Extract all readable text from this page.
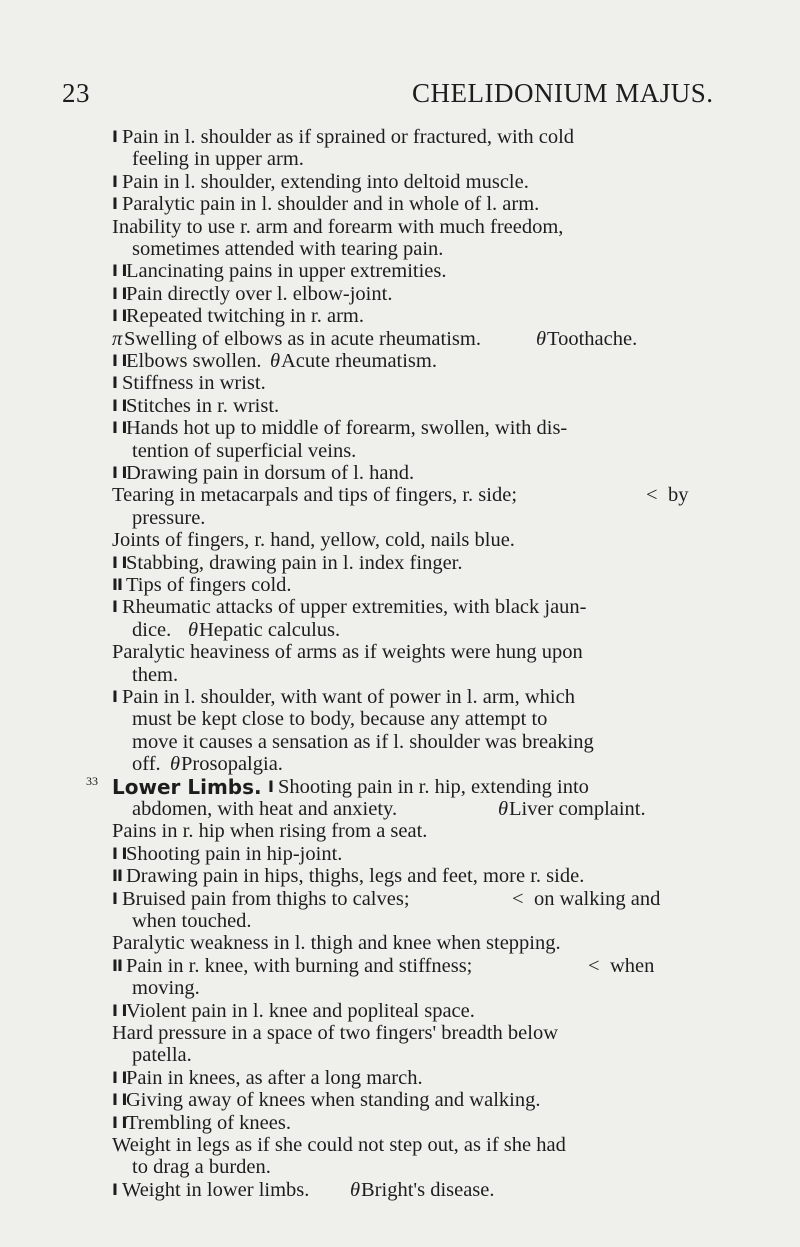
23	CHELIDONIUM MAJUS.
I Pain in l. shoulder as if sprained or fractured, with cold
feeling in upper arm.
I Pain in l. shoulder, extending into deltoid muscle.
I Paralytic pain in l. shoulder and in whole of l. arm.
Inability to use r. arm and forearm with much freedom,
sometimes attended with tearing pain.
I I Lancinating pains in upper extremities.
I I Pain directly over l. elbow-joint.
I I Repeated twitching in r. arm.
π Swelling of elbows as in acute rheumatism.	θ Toothache.
I I Elbows swollen. θ Acute rheumatism.
I Stiffness in wrist.
I I Stitches in r. wrist.
I I Hands hot up to middle of forearm, swollen, with dis-
tention of superficial veins.
I I Drawing pain in dorsum of l. hand.
Tearing in metacarpals and tips of fingers, r. side;	< by
pressure.
Joints of fingers, r. hand, yellow, cold, nails blue.
I I Stabbing, drawing pain in l. index finger.
II Tips of fingers cold.
I Rheumatic attacks of upper extremities, with black jaun-
dice. θ Hepatic calculus.
Paralytic heaviness of arms as if weights were hung upon
them.
I Pain in l. shoulder, with want of power in l. arm, which
must be kept close to body, because any attempt to
move it causes a sensation as if l. shoulder was breaking
off. θ Prosopalgia.
33 Lower Limbs. I Shooting pain in r. hip, extending into
abdomen, with heat and anxiety.	θ Liver complaint.
Pains in r. hip when rising from a seat.
I I Shooting pain in hip-joint.
II Drawing pain in hips, thighs, legs and feet, more r. side.
I Bruised pain from thighs to calves;	< on walking and
when touched.
Paralytic weakness in l. thigh and knee when stepping.
II Pain in r. knee, with burning and stiffness;	< when
moving.
I I Violent pain in l. knee and popliteal space.
Hard pressure in a space of two fingers' breadth below
patella.
I I Pain in knees, as after a long march.
I I Giving away of knees when standing and walking.
I I Trembling of knees.
Weight in legs as if she could not step out, as if she had
to drag a burden.
I Weight in lower limbs. θ Bright's disease.
